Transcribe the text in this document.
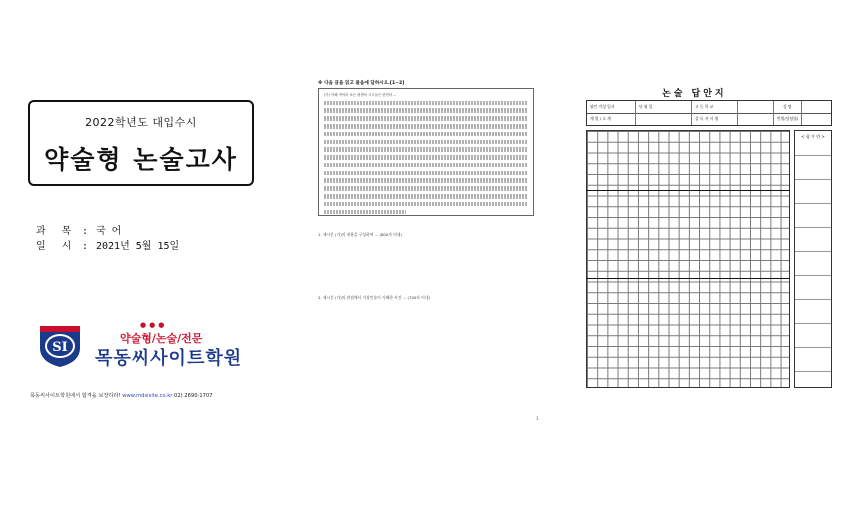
2022학년도 대입수시
약술형 논술고사
과 목 : 국 어
일 시 : 2021년 5월 15일
SI
●●●
약술형/논술/전문
목동씨사이트학원
목동씨사이트학원에서 합격을 보장하라! www.mdsisite.co.kr 02) 2690-1707
※ 다음 글을 읽고 물음에 답하시오.[1~2]
(가) 이해 적이라 보든 평생의 시도들은 한번의 ...
1. 제시문 (가)의 내용을 구성하여 ... (800자 이내)
2. 제시문 (가)의 관점에서 가상인물이 가해한 사건 ... (700자 이내)
1
논술 답안지
답안 작성 일자	년 월 일	고 등 학 교	성 명
계 열 / 소 계	감 독 자 서 명	반별(담임명)
< 평 가 란 >
